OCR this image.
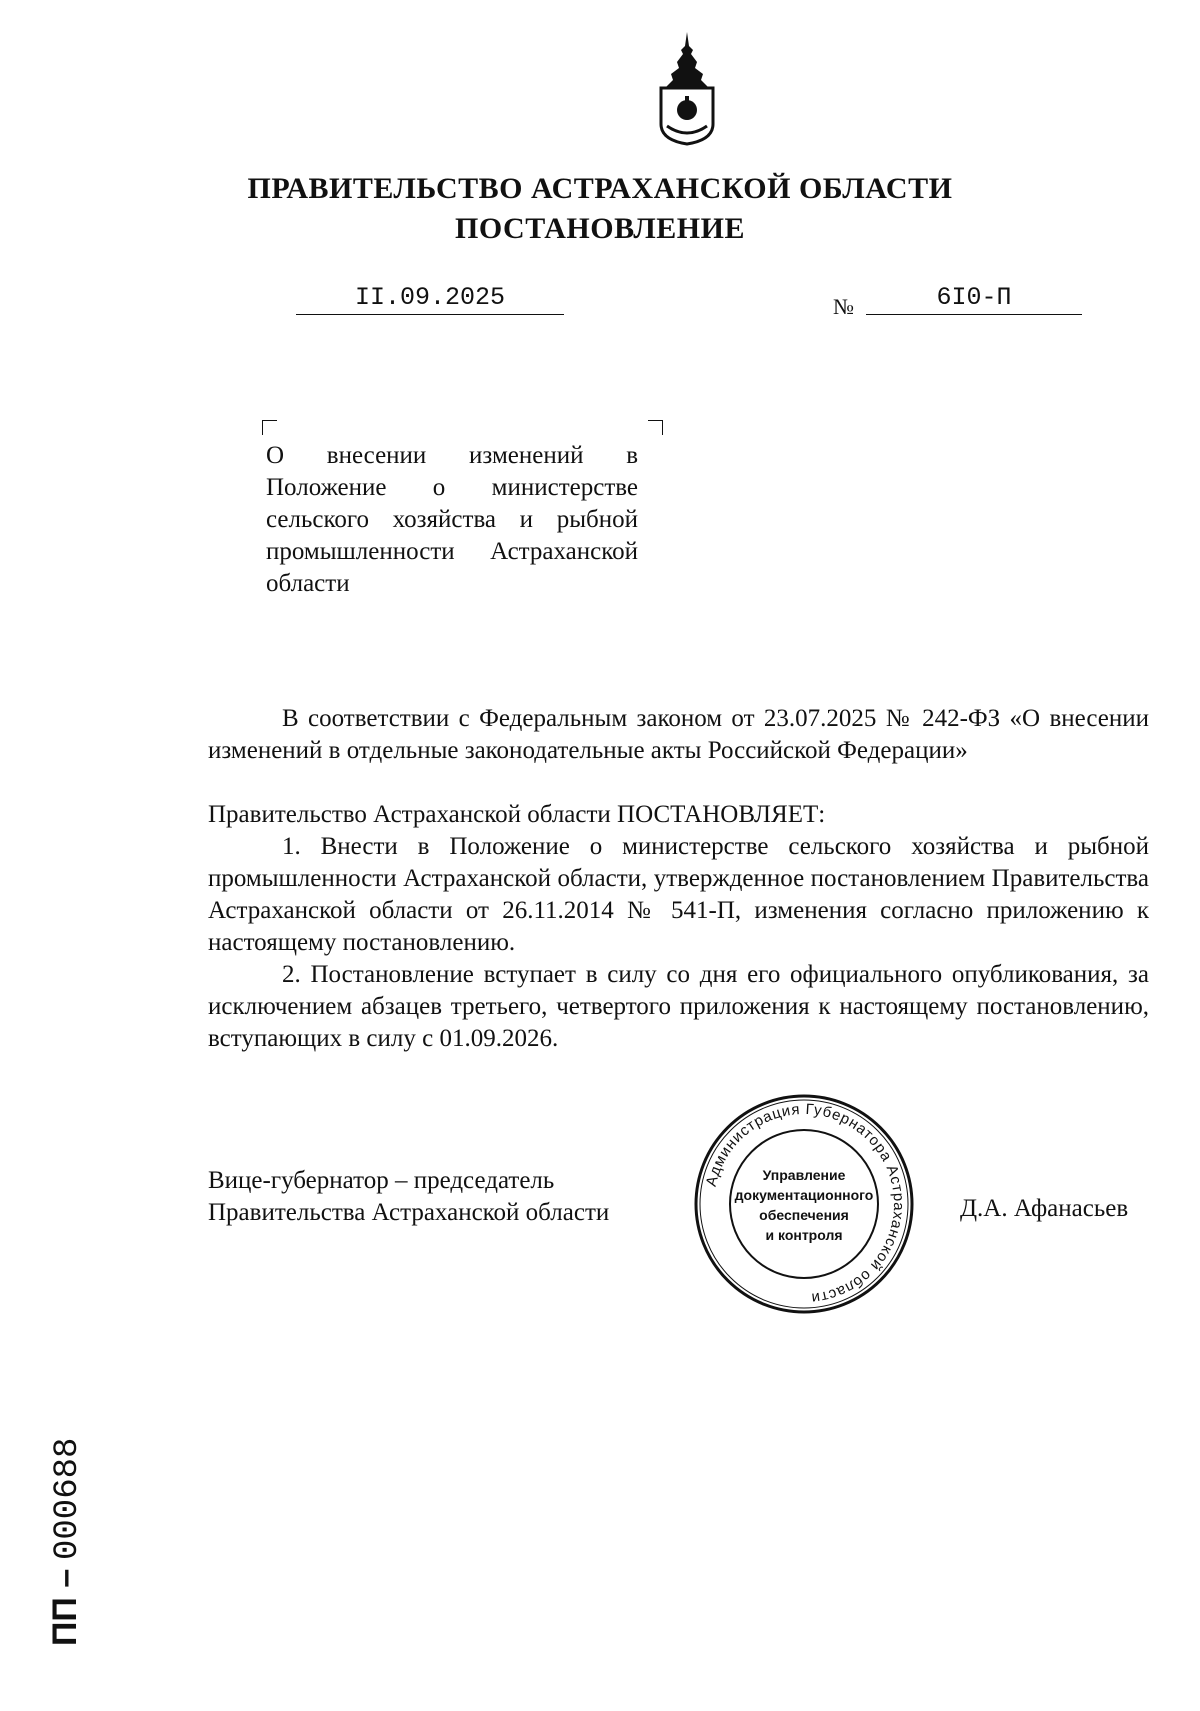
ПРАВИТЕЛЬСТВО АСТРАХАНСКОЙ ОБЛАСТИ
ПОСТАНОВЛЕНИЕ
II.09.2025	№	6I0-П
О внесении изменений в Положение о министерстве сельского хозяйства и рыбной промышленности Астраханской области
В соответствии с Федеральным законом от 23.07.2025 № 242-ФЗ «О внесении изменений в отдельные законодательные акты Российской Федерации»
Правительство Астраханской области ПОСТАНОВЛЯЕТ:
1. Внести в Положение о министерстве сельского хозяйства и рыбной промышленности Астраханской области, утвержденное постановлением Правительства Астраханской области от 26.11.2014 № 541-П, изменения согласно приложению к настоящему постановлению.
2. Постановление вступает в силу со дня его официального опубликования, за исключением абзацев третьего, четвертого приложения к настоящему постановлению, вступающих в силу с 01.09.2026.
Вице-губернатор – председатель
Правительства Астраханской области
Администрация Губернатора Астраханской области
Управление
документационного
обеспечения
и контроля
Д.А. Афанасьев
ПП –
000688
